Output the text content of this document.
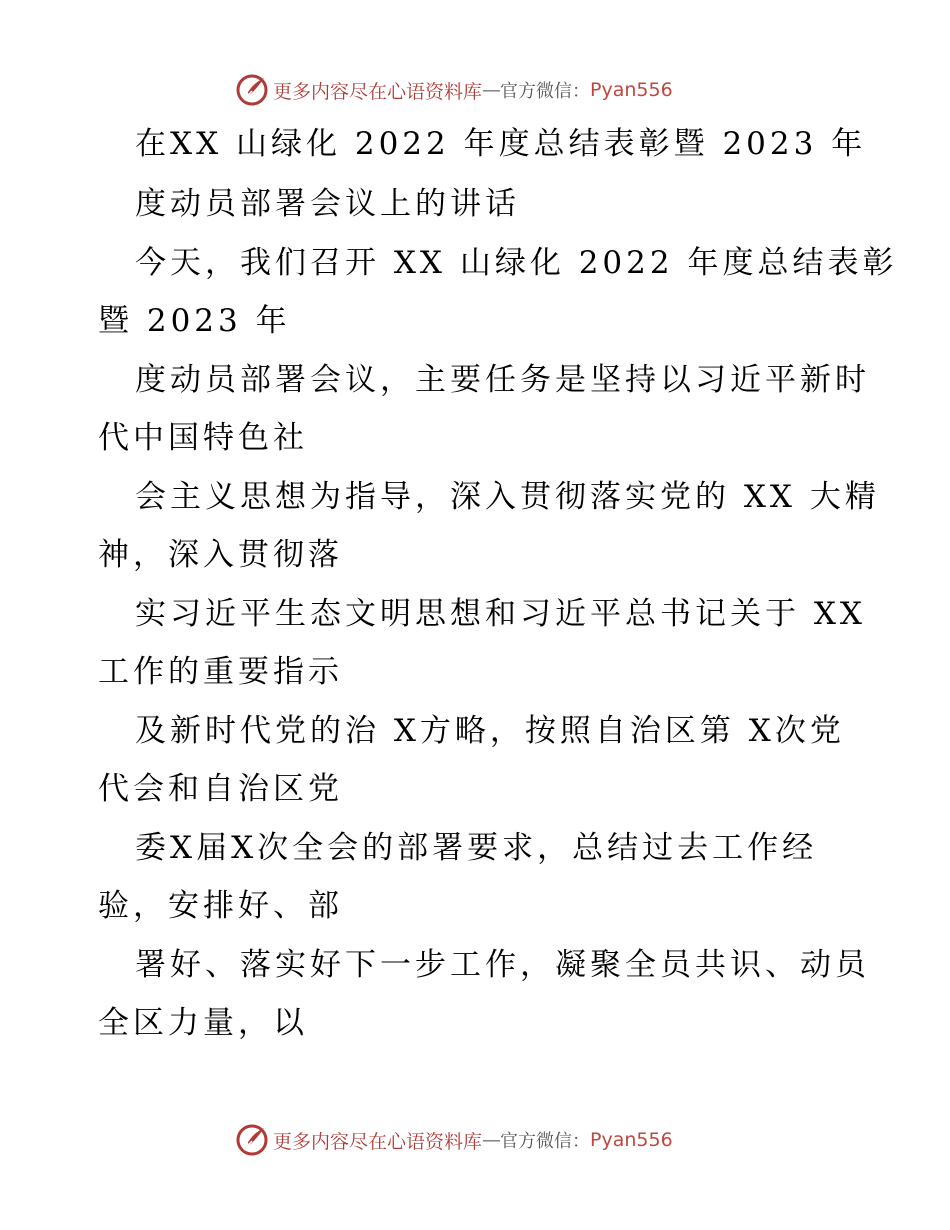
更多内容尽在心语资料库 — 官方微信： Pyan556
在XX 山绿化 2022 年度总结表彰暨 2023 年
度动员部署会议上的讲话
今天，我们召开 XX 山绿化 2022 年度总结表彰
暨 2023 年
度动员部署会议，主要任务是坚持以习近平新时
代中国特色社
会主义思想为指导，深入贯彻落实党的 XX 大精
神，深入贯彻落
实习近平生态文明思想和习近平总书记关于 XX
工作的重要指示
及新时代党的治 X方略，按照自治区第 X次党
代会和自治区党
委X届X次全会的部署要求，总结过去工作经
验，安排好、部
署好、落实好下一步工作，凝聚全员共识、动员
全区力量，以
更多内容尽在心语资料库 — 官方微信： Pyan556
